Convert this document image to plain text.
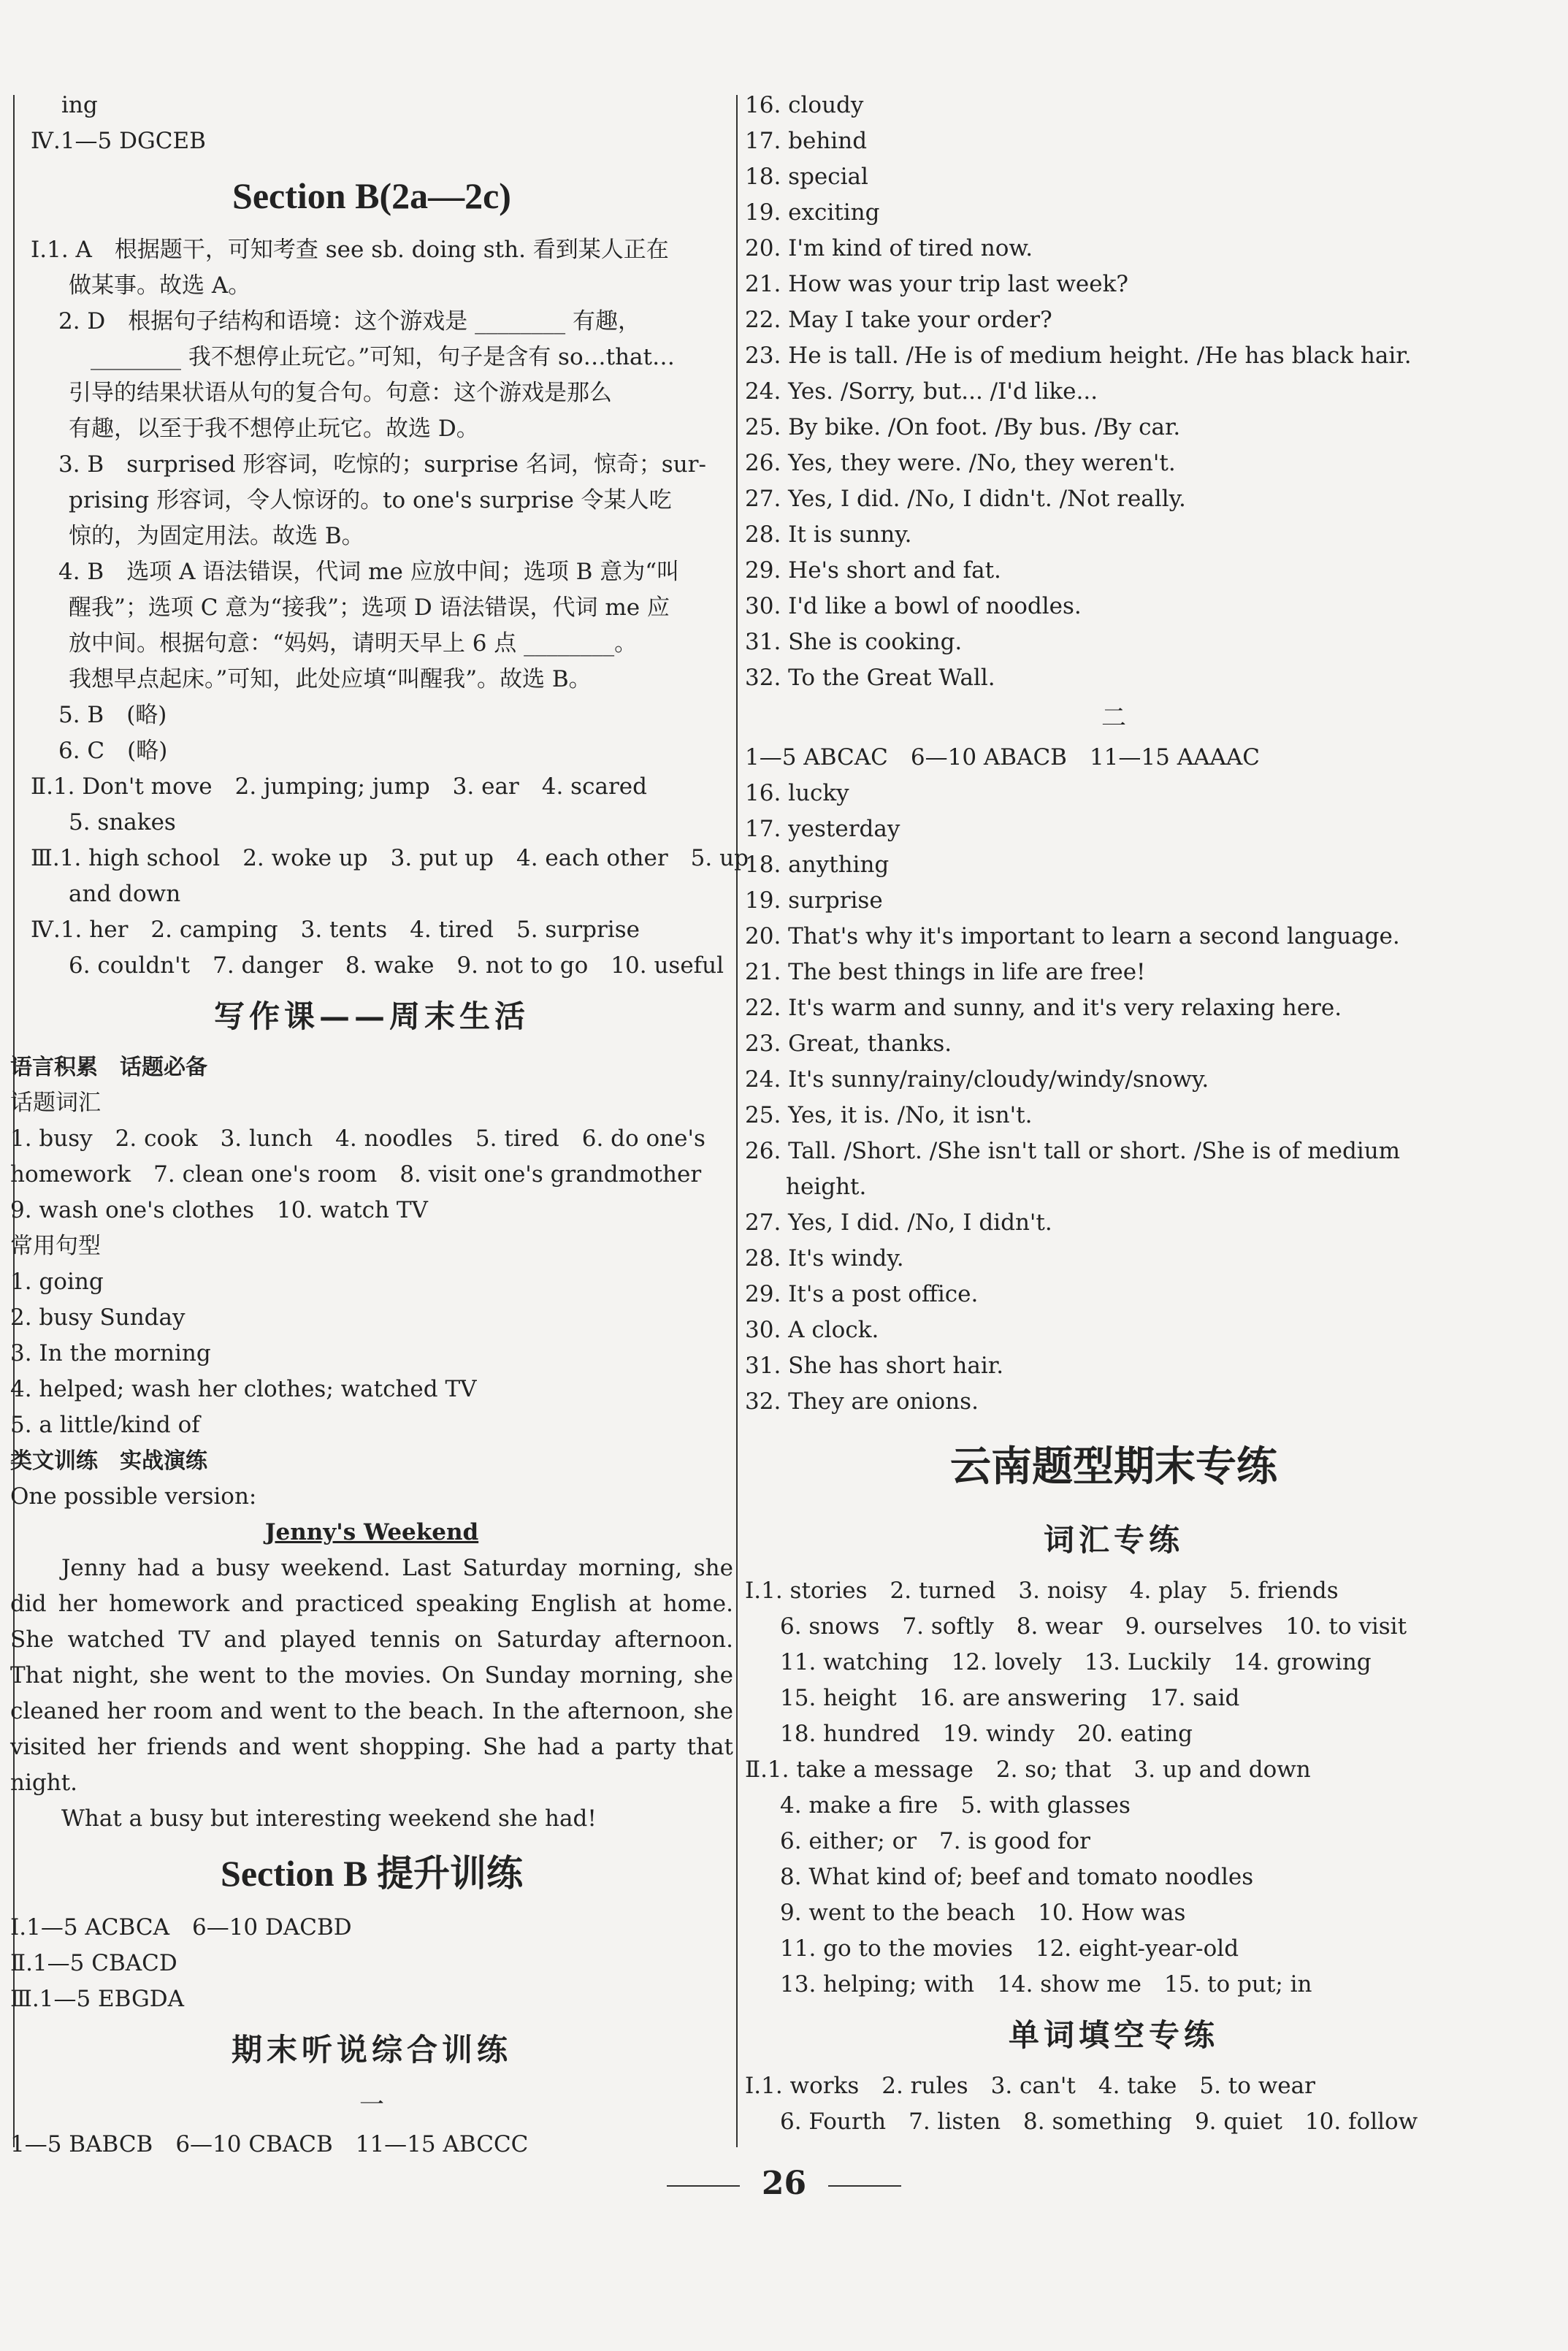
ing
Ⅳ.1—5 DGCEB
Section B(2a—2c)
Ⅰ.1. A　根据题干，可知考查 see sb. doing sth. 看到某人正在
做某事。故选 A。
2. D　根据句子结构和语境：这个游戏是 ________ 有趣，
________ 我不想停止玩它。”可知，句子是含有 so…that…
引导的结果状语从句的复合句。句意：这个游戏是那么
有趣，以至于我不想停止玩它。故选 D。
3. B　surprised 形容词，吃惊的；surprise 名词，惊奇；sur-
prising 形容词，令人惊讶的。to one's surprise 令某人吃
惊的，为固定用法。故选 B。
4. B　选项 A 语法错误，代词 me 应放中间；选项 B 意为“叫
醒我”；选项 C 意为“接我”；选项 D 语法错误，代词 me 应
放中间。根据句意：“妈妈，请明天早上 6 点 ________。
我想早点起床。”可知，此处应填“叫醒我”。故选 B。
5. B　(略)
6. C　(略)
Ⅱ.1. Don't move　2. jumping; jump　3. ear　4. scared
5. snakes
Ⅲ.1. high school　2. woke up　3. put up　4. each other　5. up
and down
Ⅳ.1. her　2. camping　3. tents　4. tired　5. surprise
6. couldn't　7. danger　8. wake　9. not to go　10. useful
写作课——周末生活
语言积累　话题必备
话题词汇
1. busy　2. cook　3. lunch　4. noodles　5. tired　6. do one's
homework　7. clean one's room　8. visit one's grandmother
9. wash one's clothes　10. watch TV
常用句型
1. going
2. busy Sunday
3. In the morning
4. helped; wash her clothes; watched TV
5. a little/kind of
类文训练　实战演练
One possible version:
Jenny's Weekend
Jenny had a busy weekend. Last Saturday morning, she did her homework and practiced speaking English at home. She watched TV and played tennis on Saturday afternoon. That night, she went to the movies. On Sunday morning, she cleaned her room and went to the beach. In the afternoon, she visited her friends and went shopping. She had a party that night.
What a busy but interesting weekend she had!
Section B 提升训练
Ⅰ.1—5 ACBCA　6—10 DACBD
Ⅱ.1—5 CBACD
Ⅲ.1—5 EBGDA
期末听说综合训练
一
1—5 BABCB　6—10 CBACB　11—15 ABCCC
16. cloudy
17. behind
18. special
19. exciting
20. I'm kind of tired now.
21. How was your trip last week?
22. May I take your order?
23. He is tall. /He is of medium height. /He has black hair.
24. Yes. /Sorry, but... /I'd like...
25. By bike. /On foot. /By bus. /By car.
26. Yes, they were. /No, they weren't.
27. Yes, I did. /No, I didn't. /Not really.
28. It is sunny.
29. He's short and fat.
30. I'd like a bowl of noodles.
31. She is cooking.
32. To the Great Wall.
二
1—5 ABCAC　6—10 ABACB　11—15 AAAAC
16. lucky
17. yesterday
18. anything
19. surprise
20. That's why it's important to learn a second language.
21. The best things in life are free!
22. It's warm and sunny, and it's very relaxing here.
23. Great, thanks.
24. It's sunny/rainy/cloudy/windy/snowy.
25. Yes, it is. /No, it isn't.
26. Tall. /Short. /She isn't tall or short. /She is of medium
height.
27. Yes, I did. /No, I didn't.
28. It's windy.
29. It's a post office.
30. A clock.
31. She has short hair.
32. They are onions.
云南题型期末专练
词汇专练
Ⅰ.1. stories　2. turned　3. noisy　4. play　5. friends
6. snows　7. softly　8. wear　9. ourselves　10. to visit
11. watching　12. lovely　13. Luckily　14. growing
15. height　16. are answering　17. said
18. hundred　19. windy　20. eating
Ⅱ.1. take a message　2. so; that　3. up and down
4. make a fire　5. with glasses
6. either; or　7. is good for
8. What kind of; beef and tomato noodles
9. went to the beach　10. How was
11. go to the movies　12. eight-year-old
13. helping; with　14. show me　15. to put; in
单词填空专练
Ⅰ.1. works　2. rules　3. can't　4. take　5. to wear
6. Fourth　7. listen　8. something　9. quiet　10. follow
26
